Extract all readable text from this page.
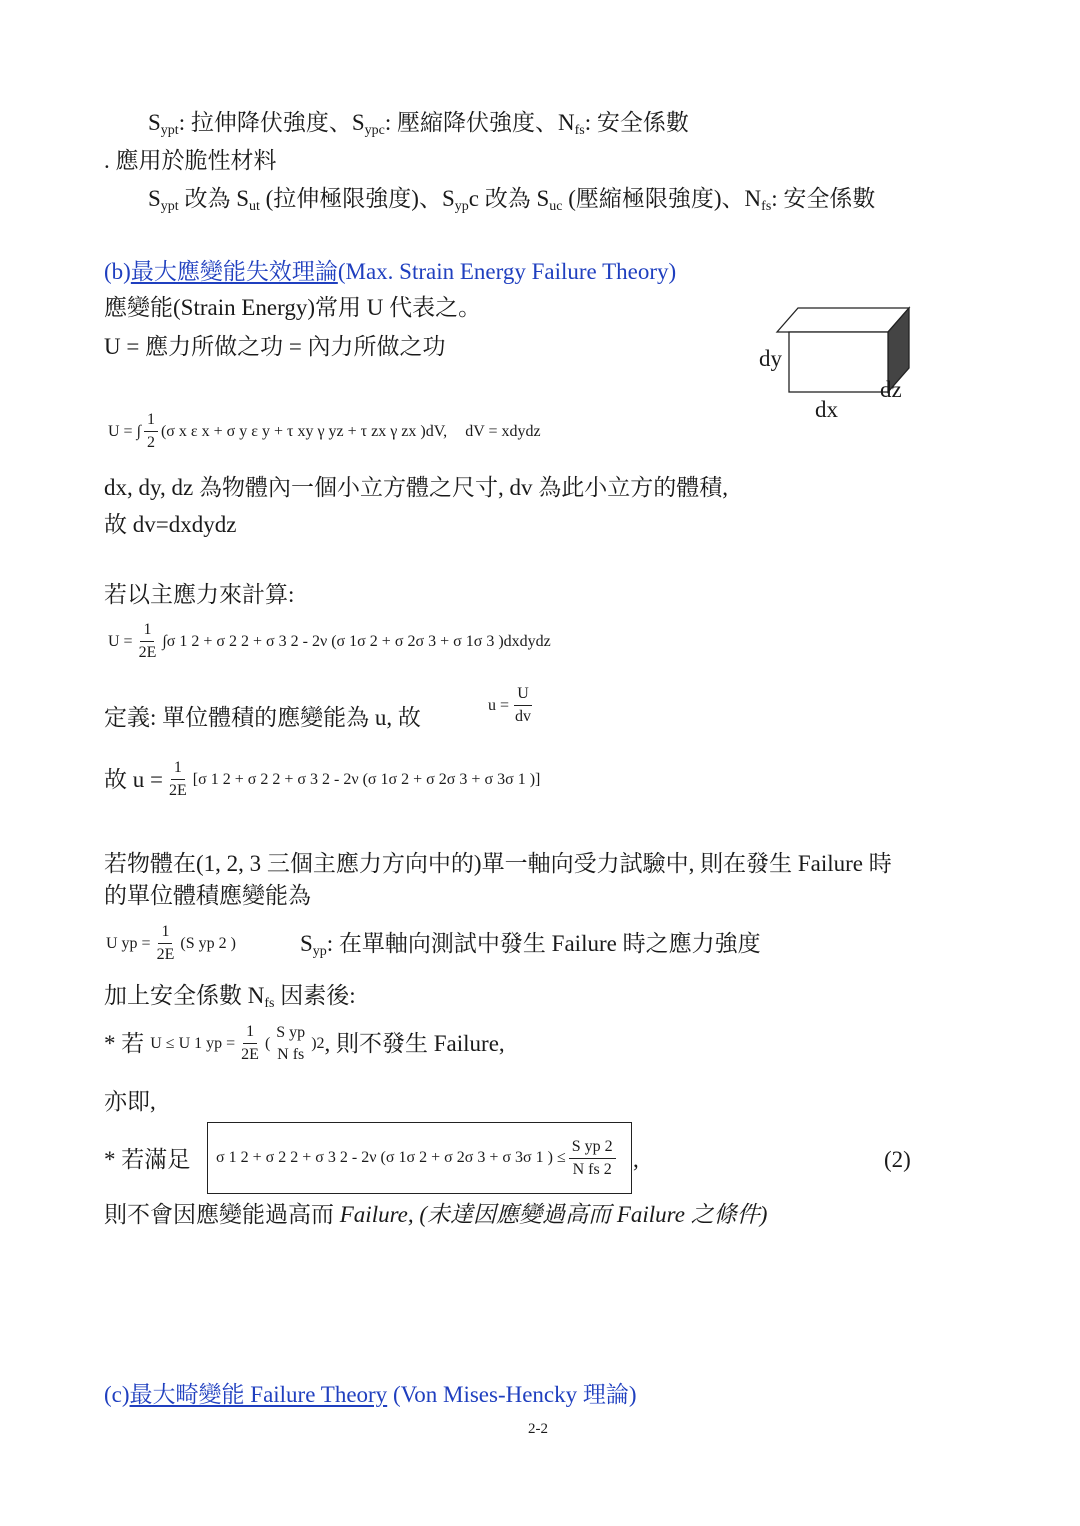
$S_{ypt}$: 拉伸降伏強度、$S_{ypc}$: 壓縮降伏強度、$N_{fs}$: 安全係數
. 應用於脆性材料
$S_{ypt}$ 改為 $S_{ut}$ (拉伸極限強度)、$S_{yp}c$ 改為 $S_{uc}$ (壓縮極限強度)、$N_{fs}$: 安全係數
(b)最大應變能失效理論(Max. Strain Energy Failure Theory)
應變能(Strain Energy)常用 U 代表之。
U = 應力所做之功 = 內力所做之功	dy
dz
dx
U = ∫ $\frac{1}{2} (\sigma$ x ε x + σ y ε y + τ xy γ yz + τ zx γ zx )dV, dV = xdydz
dx, dy, dz 為物體內一個小立方體之尺寸, dv 為此小立方的體積,
故 dv=dxdydz
若以主應力來計算:
$U = \frac{1}{2E} \int\sigma$ 1 2 + σ 2 2 + σ 3 2 - 2ν (σ 1σ 2 + σ 2σ 3 + σ 1σ 3 )dxdydz
定義: 單位體積的應變能為 u, 故	$u = \frac{U}{dv}$
故 $u = \frac{1}{2E} [\sigma$ 1 2 + σ 2 2 + σ 3 2 - 2ν (σ 1σ 2 + σ 2σ 3 + σ 3σ 1 )]
若物體在(1, 2, 3 三個主應力方向中的)單一軸向受力試驗中, 則在發生 Failure 時
的單位體積應變能為
U yp = $\frac{1}{2E} (S$ yp 2 )	$S_{yp}$: 在單軸向測試中發生 Failure 時之應力強度
加上安全係數 $N_{fs}$ 因素後:
* 若 U ≤ U 1 yp = $\frac{1}{2E}$ (
S yp
N fs
)2 , 則不發生 Failure,
亦即,
* 若滿足 σ 1 2 + σ 2 2 + σ 3 2 - 2ν (σ 1σ 2 + σ 2σ 3 + σ 3σ 1 ) ≤ $\frac{\text{S yp 2}}{\text{N fs 2}}$ ,	(2)
則不會因應變能過高而 Failure, (未達因應變過高而 Failure 之條件)
(c)最大畸變能 Failure Theory (Von Mises-Hencky 理論)
2-2
